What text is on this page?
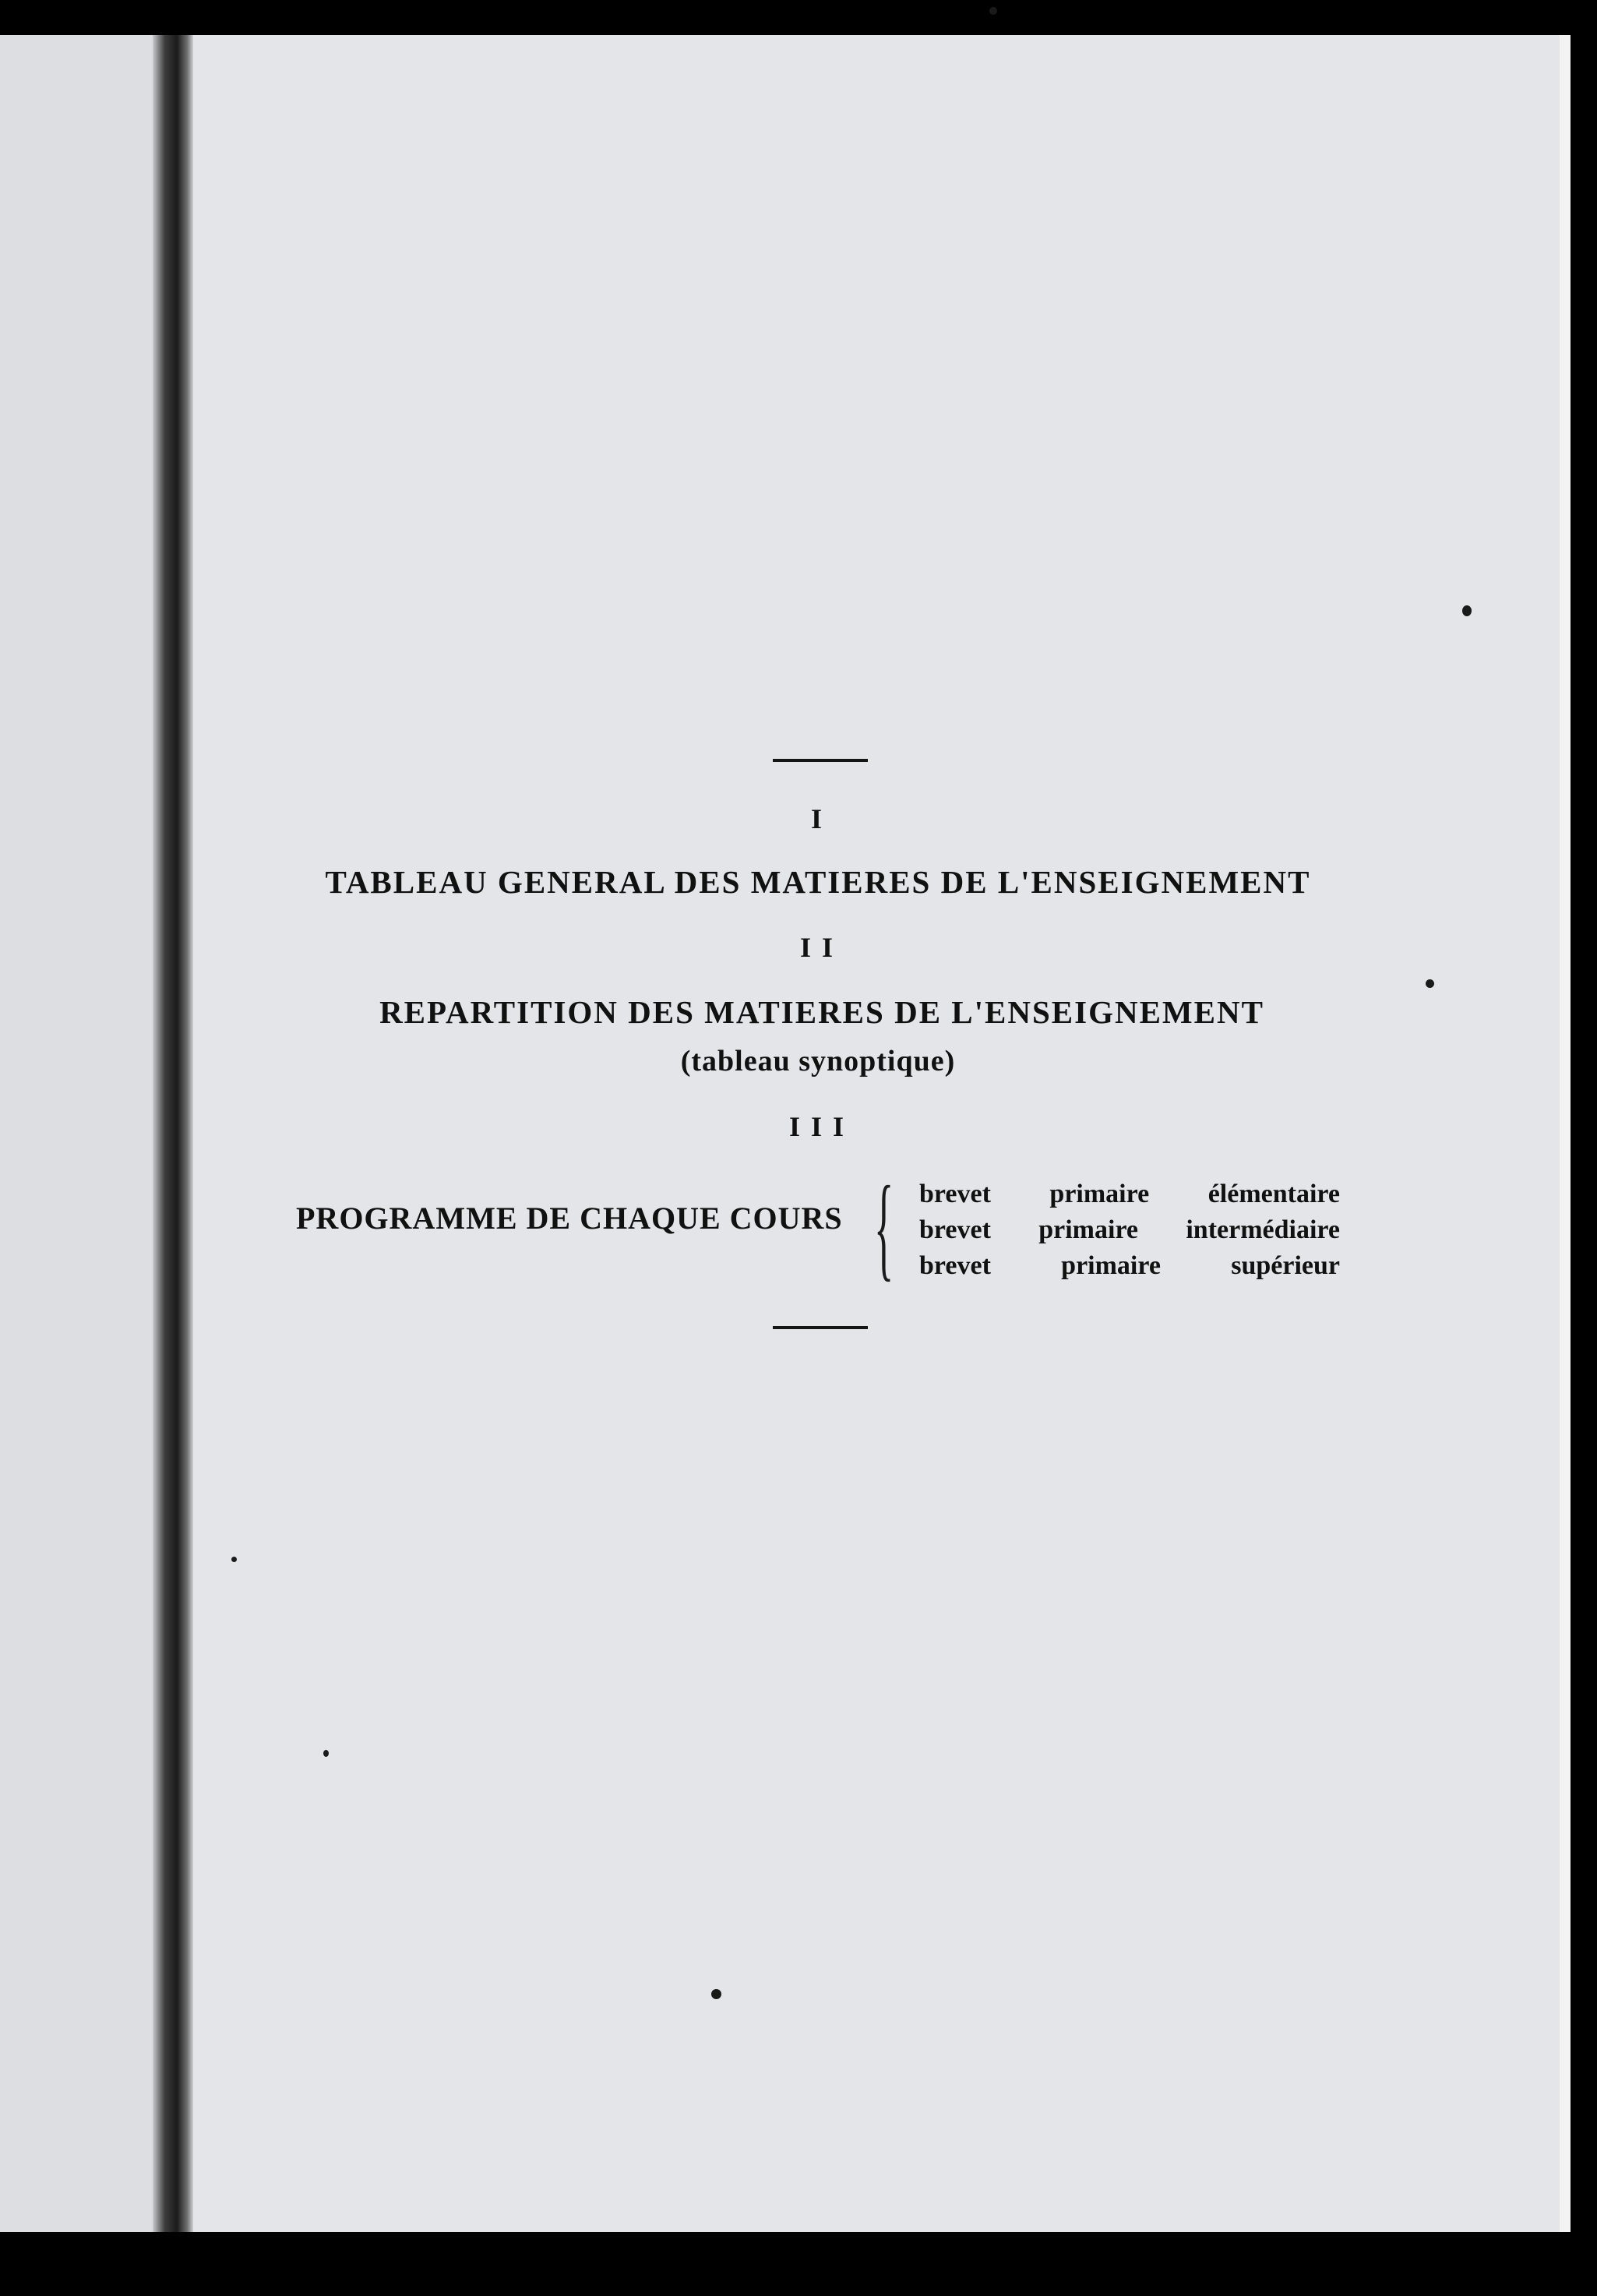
I
TABLEAU GENERAL DES MATIERES DE L'ENSEIGNEMENT
II
REPARTITION DES MATIERES DE L'ENSEIGNEMENT
(tableau synoptique)
III
PROGRAMME DE CHAQUE COURS { brevet primaire élémentaire
brevet primaire intermédiaire
brevet primaire supérieur
